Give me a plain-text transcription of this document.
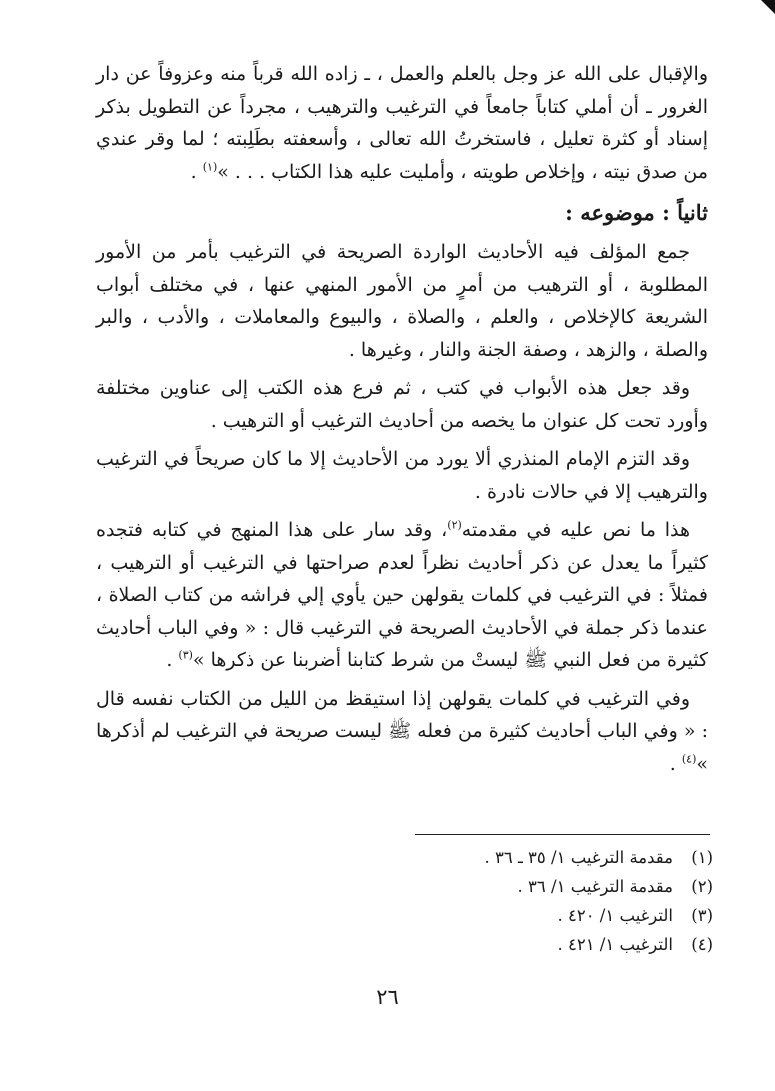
والإقبال على الله عز وجل بالعلم والعمل ، ـ زاده الله قرباً منه وعزوفاً عن دار الغرور ـ أن أملي كتاباً جامعاً في الترغيب والترهيب ، مجرداً عن التطويل بذكر إسناد أو كثرة تعليل ، فاستخرتُ الله تعالى ، وأسعفته بطَلِبته ؛ لما وقر عندي من صدق نيته ، وإخلاص طويته ، وأمليت عليه هذا الكتاب . . . »$^{(١)}$ .

ثانياً : موضوعه :

جمع المؤلف فيه الأحاديث الواردة الصريحة في الترغيب بأمر من الأمور المطلوبة ، أو الترهيب من أمرٍ من الأمور المنهي عنها ، في مختلف أبواب الشريعة كالإخلاص ، والعلم ، والصلاة ، والبيوع والمعاملات ، والأدب ، والبر والصلة ، والزهد ، وصفة الجنة والنار ، وغيرها .

وقد جعل هذه الأبواب في كتب ، ثم فرع هذه الكتب إلى عناوين مختلفة وأورد تحت كل عنوان ما يخصه من أحاديث الترغيب أو الترهيب .

وقد التزم الإمام المنذري ألا يورد من الأحاديث إلا ما كان صريحاً في الترغيب والترهيب إلا في حالات نادرة .

هذا ما نص عليه في مقدمته$^{(٢)}$، وقد سار على هذا المنهج في كتابه فتجده كثيراً ما يعدل عن ذكر أحاديث نظراً لعدم صراحتها في الترغيب أو الترهيب ، فمثلاً : في الترغيب في كلمات يقولهن حين يأوي إلي فراشه من كتاب الصلاة ، عندما ذكر جملة في الأحاديث الصريحة في الترغيب قال : « وفي الباب أحاديث كثيرة من فعل النبي ﷺ ليستْ من شرط كتابنا أضربنا عن ذكرها »$^{(٣)}$ .

وفي الترغيب في كلمات يقولهن إذا استيقظ من الليل من الكتاب نفسه قال : « وفي الباب أحاديث كثيرة من فعله ﷺ ليست صريحة في الترغيب لم أذكرها »$^{(٤)}$ .

(١)
مقدمة الترغيب ١/ ٣٥ ـ ٣٦ .
(٢)
مقدمة الترغيب ١/ ٣٦ .
(٣)
الترغيب ١/ ٤٢٠ .
(٤)
الترغيب ١/ ٤٢١ .
٢٦
